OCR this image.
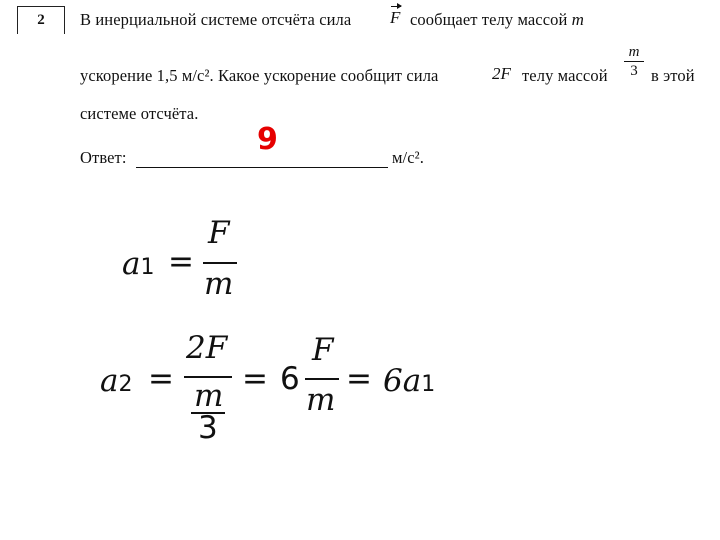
2	В инерциальной системе отсчёта сила F сообщает телу массой m
ускорение 1,5 м/с². Какое ускорение сообщит сила	2F телу массой
m
3 в этой
системе отсчёта.
9
Ответ:	м/с².
a1 =
F
m
a2 =
2F
m
3
= 6
F
m
= 6a1
